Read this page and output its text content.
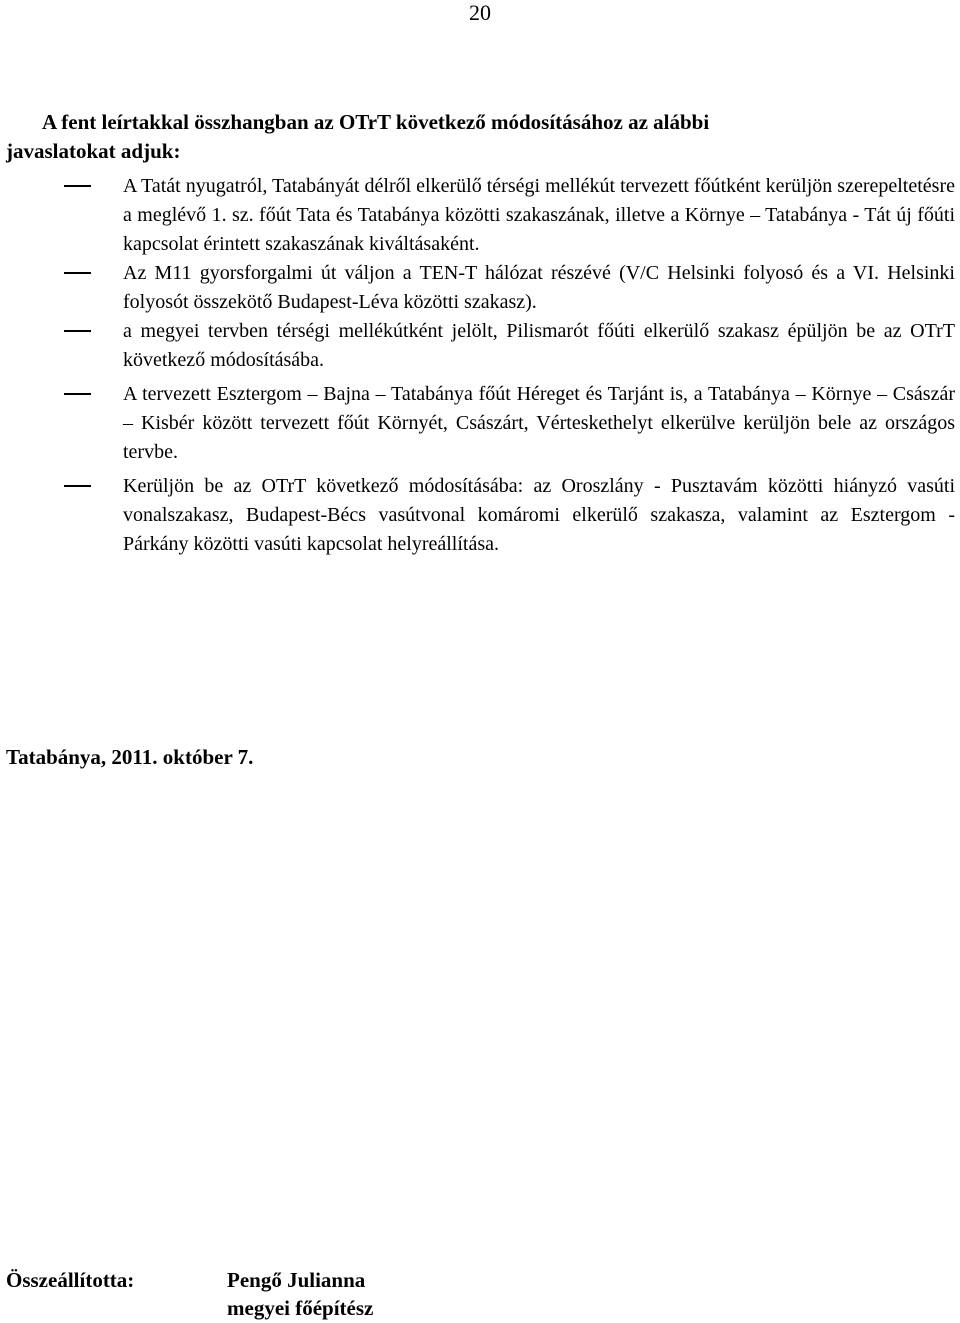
20
A fent leírtakkal összhangban az OTrT következő módosításához az alábbi
javaslatokat adjuk:
A Tatát nyugatról, Tatabányát délről elkerülő térségi mellékút tervezett főútként kerüljön szerepeltetésre a meglévő 1. sz. főút Tata és Tatabánya közötti szakaszának, illetve a Környe – Tatabánya - Tát új főúti kapcsolat érintett szakaszának kiváltásaként.
Az M11 gyorsforgalmi út váljon a TEN-T hálózat részévé (V/C Helsinki folyosó és a VI. Helsinki folyosót összekötő Budapest-Léva közötti szakasz).
a megyei tervben térségi mellékútként jelölt, Pilismarót főúti elkerülő szakasz épüljön be az OTrT következő módosításába.
A tervezett Esztergom – Bajna – Tatabánya főút Héreget és Tarjánt is, a Tatabánya – Környe – Császár – Kisbér között tervezett főút Környét, Császárt, Vérteskethelyt elkerülve kerüljön bele az országos tervbe.
Kerüljön be az OTrT következő módosításába: az Oroszlány - Pusztavám közötti hiányzó vasúti vonalszakasz, Budapest-Bécs vasútvonal komáromi elkerülő szakasza, valamint az Esztergom - Párkány közötti vasúti kapcsolat helyreállítása.
Tatabánya, 2011. október 7.
Összeállította:	Pengő Julianna
megyei főépítész
